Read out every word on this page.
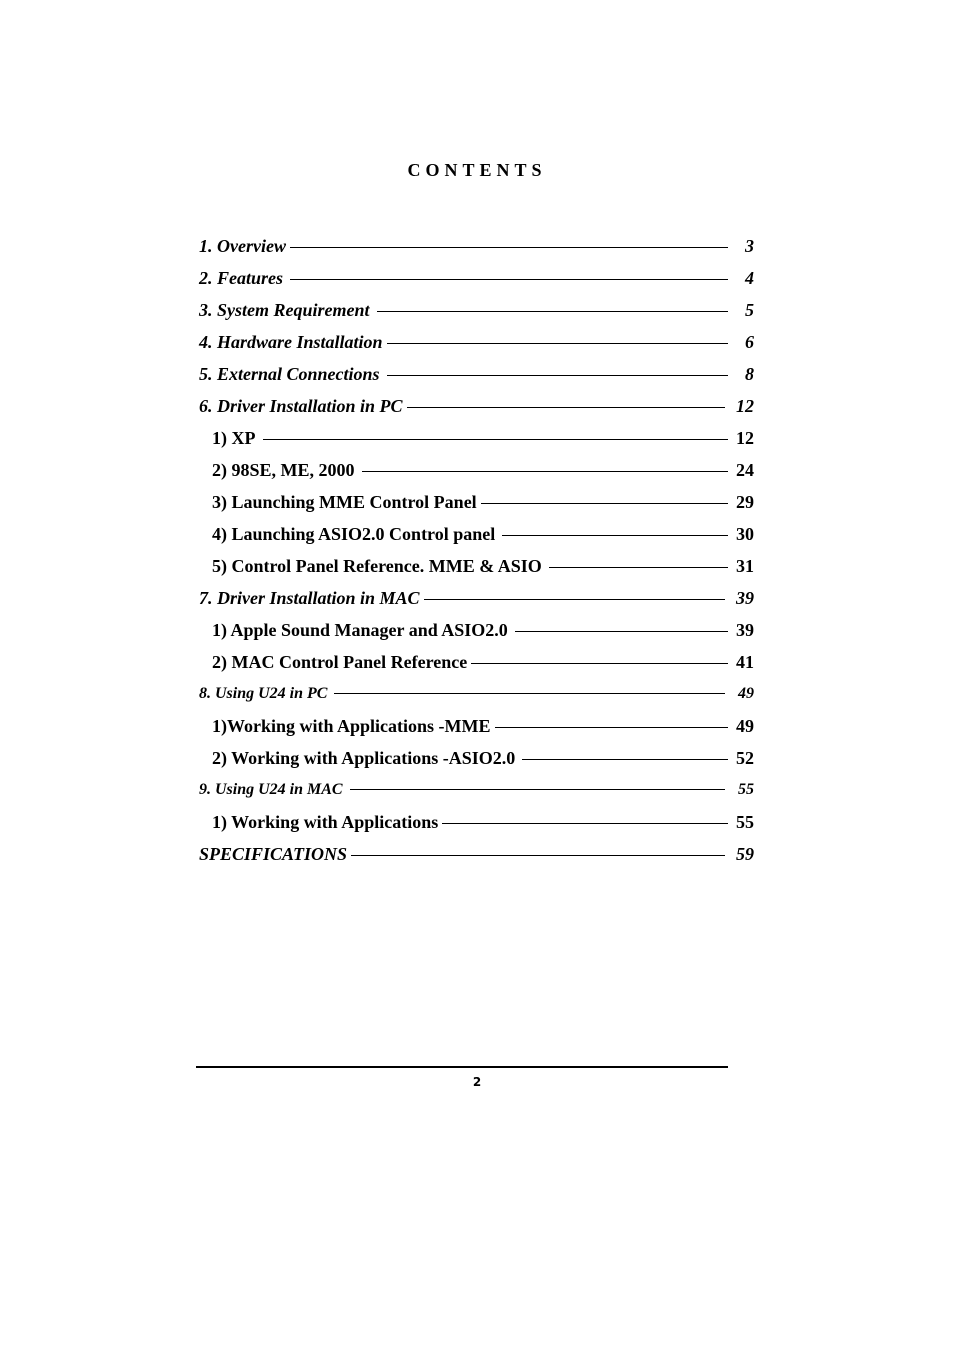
CONTENTS
1. Overview	3
2. Features	4
3. System Requirement	5
4. Hardware Installation	6
5. External Connections	8
6. Driver Installation in PC	12
1) XP	12
2) 98SE, ME, 2000	24
3) Launching MME Control Panel	29
4) Launching ASIO2.0 Control panel	30
5) Control Panel Reference. MME & ASIO	31
7. Driver Installation in MAC	39
1) Apple Sound Manager and ASIO2.0	39
2) MAC Control Panel Reference	41
8. Using U24 in PC	49
1)Working with Applications -MME	49
2) Working with Applications -ASIO2.0	52
9. Using U24 in MAC	55
1) Working with Applications	55
SPECIFICATIONS	59
2
